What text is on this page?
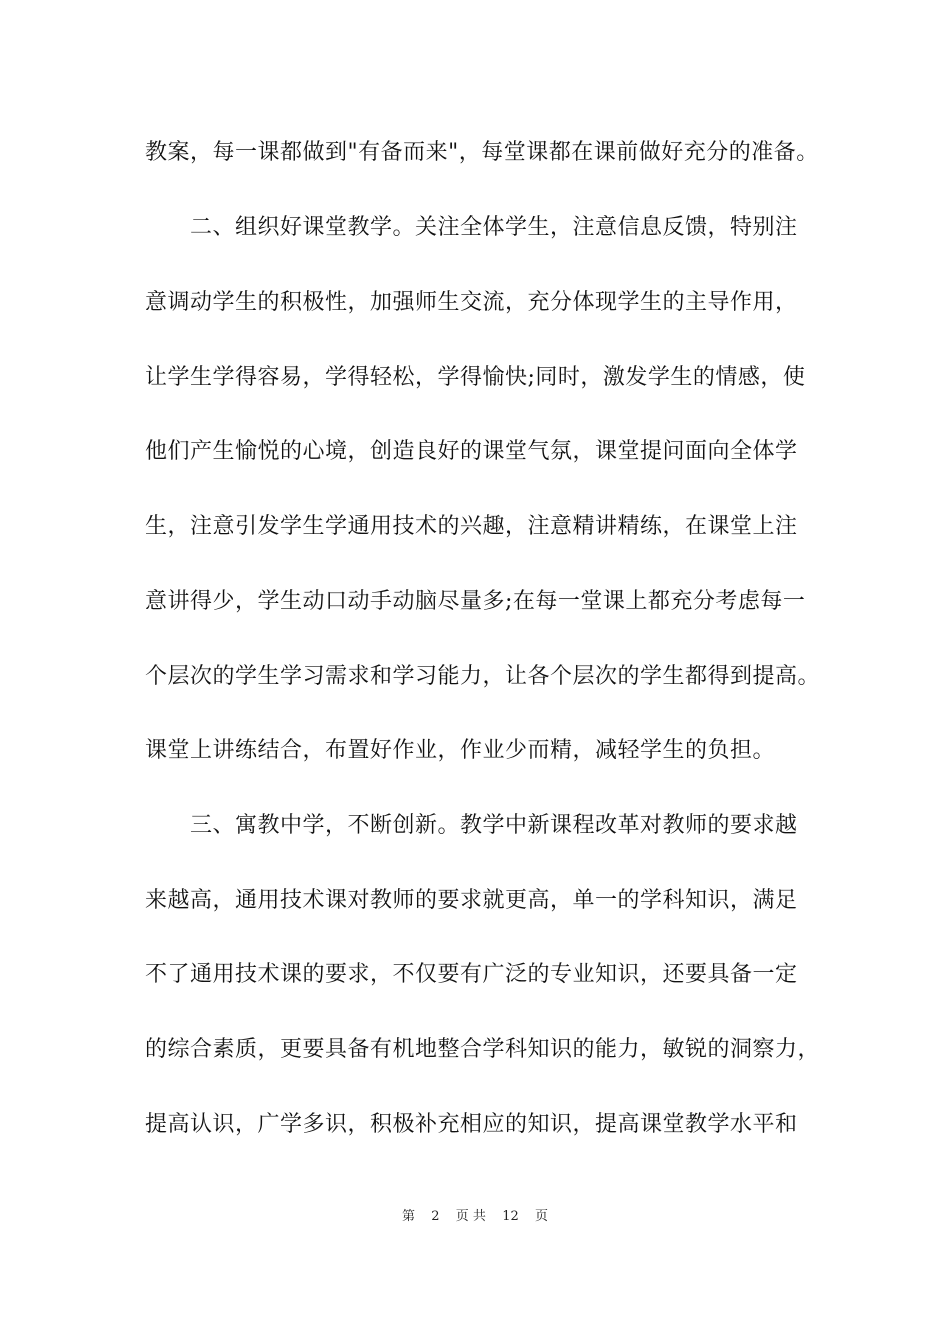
教案，每一课都做到"有备而来"，每堂课都在课前做好充分的准备。
二、组织好课堂教学。关注全体学生，注意信息反馈，特别注
意调动学生的积极性，加强师生交流，充分体现学生的主导作用，
让学生学得容易，学得轻松，学得愉快;同时，激发学生的情感，使
他们产生愉悦的心境，创造良好的课堂气氛，课堂提问面向全体学
生，注意引发学生学通用技术的兴趣，注意精讲精练，在课堂上注
意讲得少，学生动口动手动脑尽量多;在每一堂课上都充分考虑每一
个层次的学生学习需求和学习能力，让各个层次的学生都得到提高。
课堂上讲练结合，布置好作业，作业少而精，减轻学生的负担。
三、寓教中学，不断创新。教学中新课程改革对教师的要求越
来越高，通用技术课对教师的要求就更高，单一的学科知识，满足
不了通用技术课的要求，不仅要有广泛的专业知识，还要具备一定
的综合素质，更要具备有机地整合学科知识的能力，敏锐的洞察力，
提高认识，广学多识，积极补充相应的知识，提高课堂教学水平和
第 2 页 共 12 页
